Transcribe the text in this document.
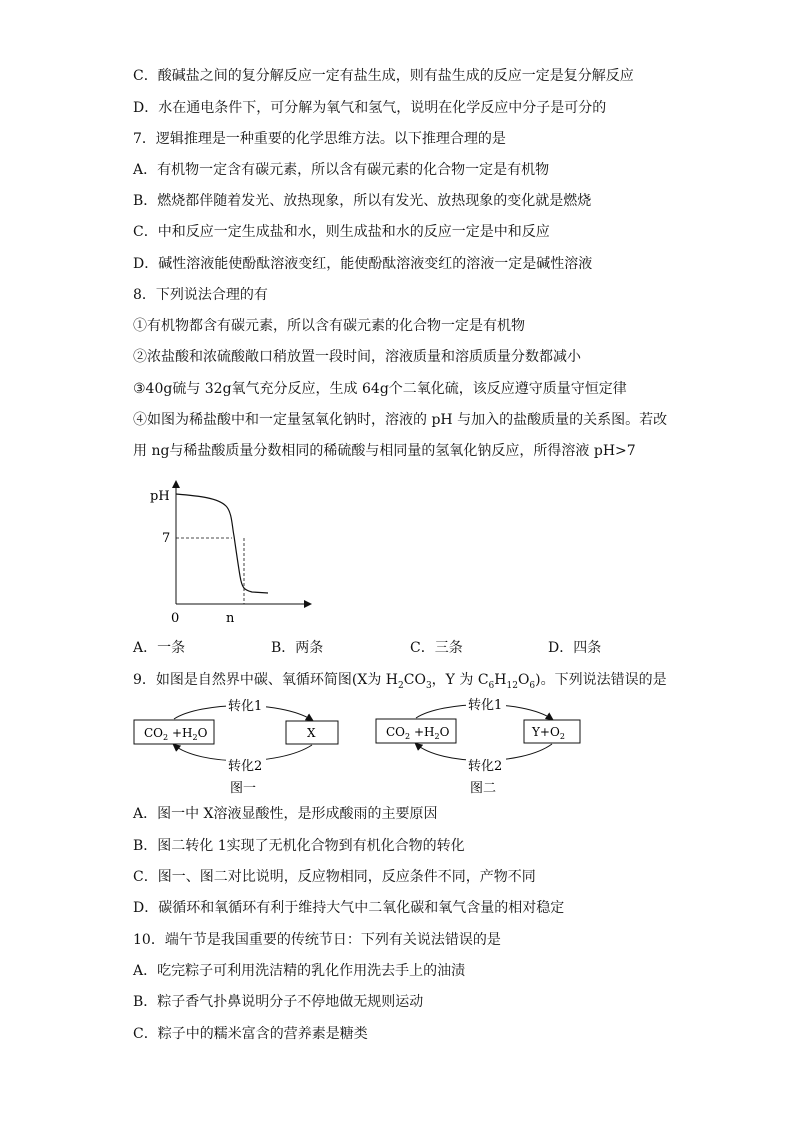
C．酸碱盐之间的复分解反应一定有盐生成，则有盐生成的反应一定是复分解反应
D．水在通电条件下，可分解为氧气和氢气，说明在化学反应中分子是可分的
7．逻辑推理是一种重要的化学思维方法。以下推理合理的是
A．有机物一定含有碳元素，所以含有碳元素的化合物一定是有机物
B．燃烧都伴随着发光、放热现象，所以有发光、放热现象的变化就是燃烧
C．中和反应一定生成盐和水，则生成盐和水的反应一定是中和反应
D．碱性溶液能使酚酞溶液变红，能使酚酞溶液变红的溶液一定是碱性溶液
8．下列说法合理的有
①有机物都含有碳元素，所以含有碳元素的化合物一定是有机物
②浓盐酸和浓硫酸敞口稍放置一段时间，溶液质量和溶质质量分数都减小
③40g硫与 32g氧气充分反应，生成 64g个二氧化硫，该反应遵守质量守恒定律
④如图为稀盐酸中和一定量氢氧化钠时，溶液的 pH 与加入的盐酸质量的关系图。若改
用 ng与稀盐酸质量分数相同的稀硫酸与相同量的氢氧化钠反应，所得溶液 pH>7
pH
7
0	n
A．一条	B．两条	C．三条	D．四条
9．如图是自然界中碳、氧循环简图(X为 $H_2CO_3$，Y 为 $C_6H_{12}O_6$)。下列说法错误的是
$CO_2 +H_2O$	X
转化1
转化2
图一
$CO_2 +H_2O$	$Y+O_2$
转化1
转化2
图二
A．图一中 X溶液显酸性，是形成酸雨的主要原因
B．图二转化 1实现了无机化合物到有机化合物的转化
C．图一、图二对比说明，反应物相同，反应条件不同，产物不同
D．碳循环和氧循环有利于维持大气中二氧化碳和氧气含量的相对稳定
10．端午节是我国重要的传统节日：下列有关说法错误的是
A．吃完粽子可利用洗洁精的乳化作用洗去手上的油渍
B．粽子香气扑鼻说明分子不停地做无规则运动
C．粽子中的糯米富含的营养素是糖类
